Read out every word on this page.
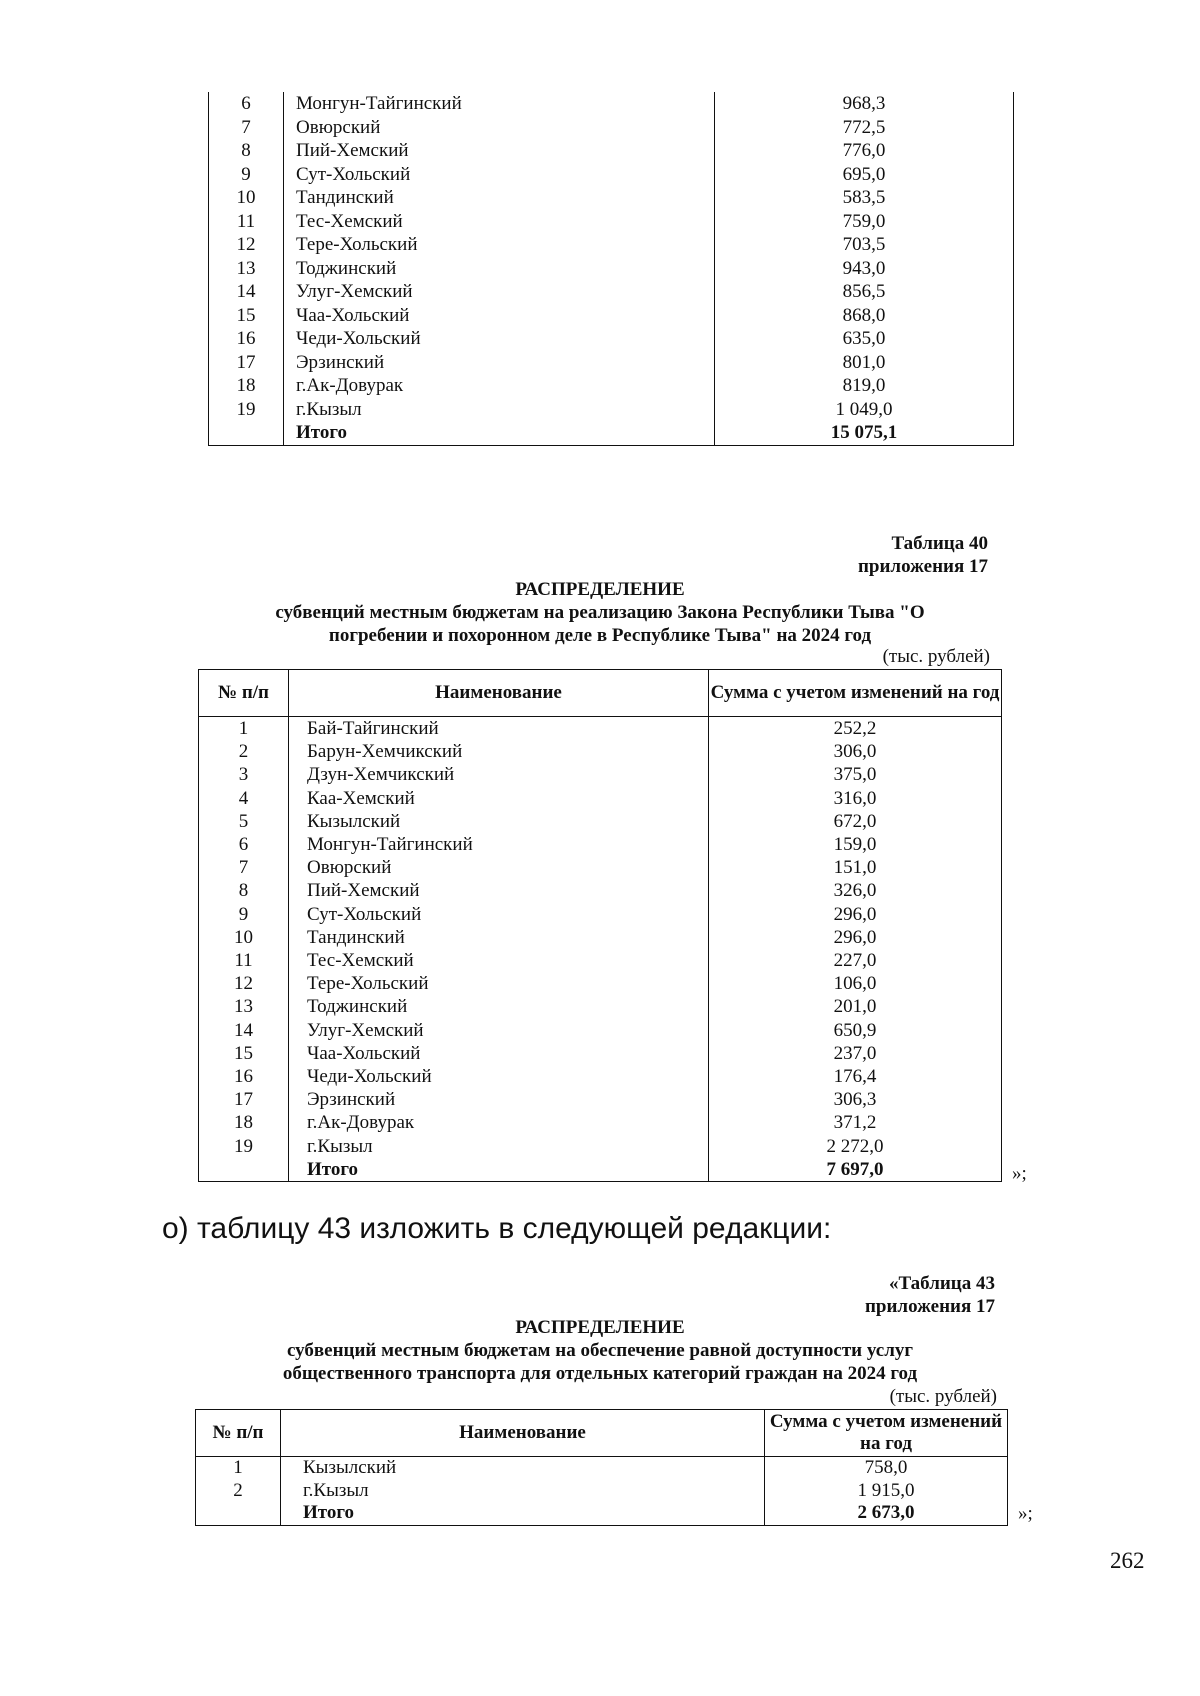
6	Монгун-Тайгинский	968,3
7	Овюрский	772,5
8	Пий-Хемский	776,0
9	Сут-Хольский	695,0
10	Тандинский	583,5
11	Тес-Хемский	759,0
12	Тере-Хольский	703,5
13	Тоджинский	943,0
14	Улуг-Хемский	856,5
15	Чаа-Хольский	868,0
16	Чеди-Хольский	635,0
17	Эрзинский	801,0
18	г.Ак-Довурак	819,0
19	г.Кызыл	1 049,0
	Итого	15 075,1
Таблица 40
приложения 17
РАСПРЕДЕЛЕНИЕ
субвенций местным бюджетам на реализацию Закона Республики Тыва "О
погребении и похоронном деле в Республике Тыва" на 2024 год
(тыс. рублей)
№ п/п	Наименование	Сумма с учетом изменений на год
1	Бай-Тайгинский	252,2
2	Барун-Хемчикский	306,0
3	Дзун-Хемчикский	375,0
4	Каа-Хемский	316,0
5	Кызылский	672,0
6	Монгун-Тайгинский	159,0
7	Овюрский	151,0
8	Пий-Хемский	326,0
9	Сут-Хольский	296,0
10	Тандинский	296,0
11	Тес-Хемский	227,0
12	Тере-Хольский	106,0
13	Тоджинский	201,0
14	Улуг-Хемский	650,9
15	Чаа-Хольский	237,0
16	Чеди-Хольский	176,4
17	Эрзинский	306,3
18	г.Ак-Довурак	371,2
19	г.Кызыл	2 272,0
	Итого	7 697,0	»;
о) таблицу 43 изложить в следующей редакции:
«Таблица 43
приложения 17
РАСПРЕДЕЛЕНИЕ
субвенций местным бюджетам на обеспечение равной доступности услуг
общественного транспорта для отдельных категорий граждан на 2024 год
(тыс. рублей)
№ п/п	Наименование	Сумма с учетом изменений на год
1	Кызылский	758,0
2	г.Кызыл	1 915,0
	Итого	2 673,0	»;
262
